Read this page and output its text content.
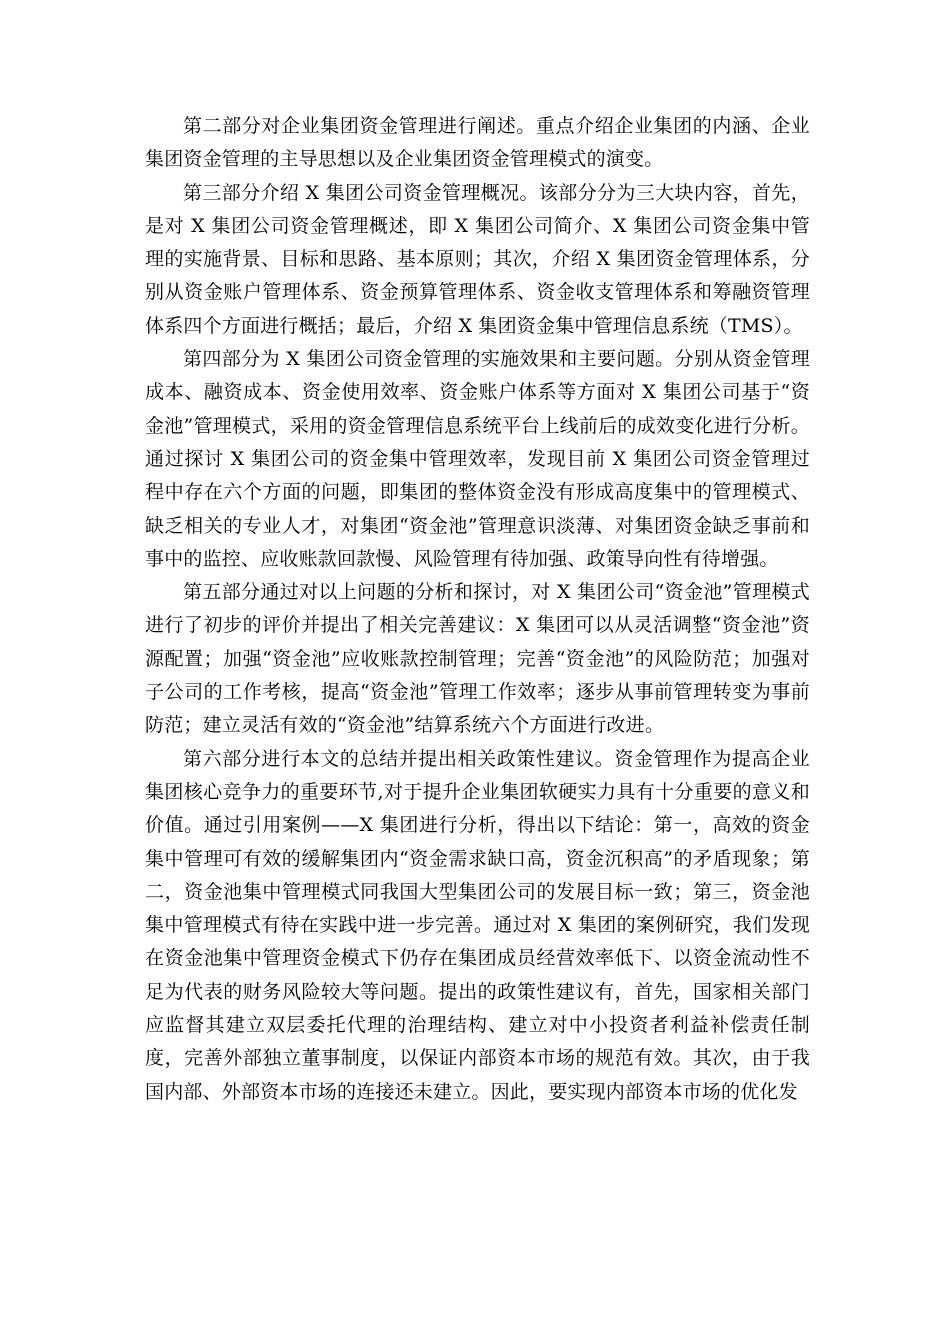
第二部分对企业集团资金管理进行阐述。重点介绍企业集团的内涵、企业集团资金管理的主导思想以及企业集团资金管理模式的演变。

第三部分介绍 X 集团公司资金管理概况。该部分分为三大块内容，首先，是对 X 集团公司资金管理概述，即 X 集团公司简介、X 集团公司资金集中管理的实施背景、目标和思路、基本原则；其次，介绍 X 集团资金管理体系，分别从资金账户管理体系、资金预算管理体系、资金收支管理体系和筹融资管理体系四个方面进行概括；最后，介绍 X 集团资金集中管理信息系统（TMS）。

第四部分为 X 集团公司资金管理的实施效果和主要问题。分别从资金管理成本、融资成本、资金使用效率、资金账户体系等方面对 X 集团公司基于“资金池”管理模式，采用的资金管理信息系统平台上线前后的成效变化进行分析。通过探讨 X 集团公司的资金集中管理效率，发现目前 X 集团公司资金管理过程中存在六个方面的问题，即集团的整体资金没有形成高度集中的管理模式、缺乏相关的专业人才，对集团“资金池”管理意识淡薄、对集团资金缺乏事前和事中的监控、应收账款回款慢、风险管理有待加强、政策导向性有待增强。

第五部分通过对以上问题的分析和探讨，对 X 集团公司“资金池”管理模式进行了初步的评价并提出了相关完善建议：X 集团可以从灵活调整“资金池”资源配置；加强“资金池”应收账款控制管理；完善“资金池”的风险防范；加强对子公司的工作考核，提高“资金池”管理工作效率；逐步从事前管理转变为事前防范；建立灵活有效的“资金池”结算系统六个方面进行改进。

第六部分进行本文的总结并提出相关政策性建议。资金管理作为提高企业集团核心竞争力的重要环节,对于提升企业集团软硬实力具有十分重要的意义和价值。通过引用案例——X 集团进行分析，得出以下结论：第一，高效的资金集中管理可有效的缓解集团内“资金需求缺口高，资金沉积高”的矛盾现象；第二，资金池集中管理模式同我国大型集团公司的发展目标一致；第三，资金池集中管理模式有待在实践中进一步完善。通过对 X 集团的案例研究，我们发现在资金池集中管理资金模式下仍存在集团成员经营效率低下、以资金流动性不足为代表的财务风险较大等问题。提出的政策性建议有，首先，国家相关部门应监督其建立双层委托代理的治理结构、建立对中小投资者利益补偿责任制度，完善外部独立董事制度，以保证内部资本市场的规范有效。其次，由于我国内部、外部资本市场的连接还未建立。因此，要实现内部资本市场的优化发
